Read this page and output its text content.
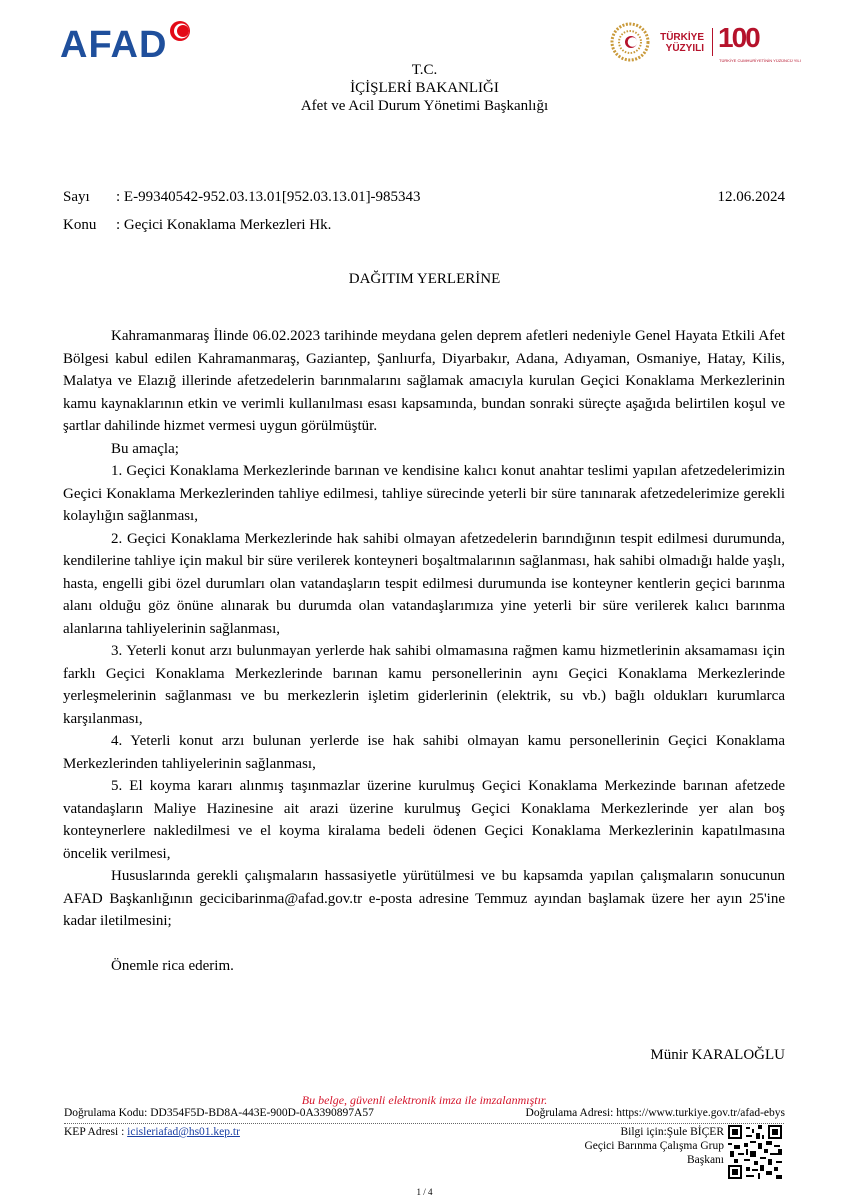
AFAD	TÜRKİYE
YÜZYILI 100
TÜRKİYE CUMHURİYETİNİN YÜZÜNCÜ YILI
T.C.
İÇİŞLERİ BAKANLIĞI
Afet ve Acil Durum Yönetimi Başkanlığı
Sayı : E-99340542-952.03.13.01[952.03.13.01]-985343	12.06.2024
Konu : Geçici Konaklama Merkezleri Hk.
DAĞITIM YERLERİNE

Kahramanmaraş İlinde 06.02.2023 tarihinde meydana gelen deprem afetleri nedeniyle Genel Hayata Etkili Afet Bölgesi kabul edilen Kahramanmaraş, Gaziantep, Şanlıurfa, Diyarbakır, Adana, Adıyaman, Osmaniye, Hatay, Kilis, Malatya ve Elazığ illerinde afetzedelerin barınmalarını sağlamak amacıyla kurulan Geçici Konaklama Merkezlerinin kamu kaynaklarının etkin ve verimli kullanılması esası kapsamında, bundan sonraki süreçte aşağıda belirtilen koşul ve şartlar dahilinde hizmet vermesi uygun görülmüştür.

Bu amaçla;

1. Geçici Konaklama Merkezlerinde barınan ve kendisine kalıcı konut anahtar teslimi yapılan afetzedelerimizin Geçici Konaklama Merkezlerinden tahliye edilmesi, tahliye sürecinde yeterli bir süre tanınarak afetzedelerimize gerekli kolaylığın sağlanması,

2. Geçici Konaklama Merkezlerinde hak sahibi olmayan afetzedelerin barındığının tespit edilmesi durumunda, kendilerine tahliye için makul bir süre verilerek konteyneri boşaltmalarının sağlanması, hak sahibi olmadığı halde yaşlı, hasta, engelli gibi özel durumları olan vatandaşların tespit edilmesi durumunda ise konteyner kentlerin geçici barınma alanı olduğu göz önüne alınarak bu durumda olan vatandaşlarımıza yine yeterli bir süre verilerek kalıcı barınma alanlarına tahliyelerinin sağlanması,

3. Yeterli konut arzı bulunmayan yerlerde hak sahibi olmamasına rağmen kamu hizmetlerinin aksamaması için farklı Geçici Konaklama Merkezlerinde barınan kamu personellerinin aynı Geçici Konaklama Merkezlerinde yerleşmelerinin sağlanması ve bu merkezlerin işletim giderlerinin (elektrik, su vb.) bağlı oldukları kurumlarca karşılanması,

4. Yeterli konut arzı bulunan yerlerde ise hak sahibi olmayan kamu personellerinin Geçici Konaklama Merkezlerinden tahliyelerinin sağlanması,

5. El koyma kararı alınmış taşınmazlar üzerine kurulmuş Geçici Konaklama Merkezinde barınan afetzede vatandaşların Maliye Hazinesine ait arazi üzerine kurulmuş Geçici Konaklama Merkezlerinde yer alan boş konteynerlere nakledilmesi ve el koyma kiralama bedeli ödenen Geçici Konaklama Merkezlerinin kapatılmasına öncelik verilmesi,

Hususlarında gerekli çalışmaların hassasiyetle yürütülmesi ve bu kapsamda yapılan çalışmaların sonucunun AFAD Başkanlığının gecicibarinma@afad.gov.tr e-posta adresine Temmuz ayından başlamak üzere her ayın 25'ine kadar iletilmesini;

Önemle rica ederim.

Münir KARALOĞLU
Bu belge, güvenli elektronik imza ile imzalanmıştır.
Doğrulama Kodu: DD354F5D-BD8A-443E-900D-0A3390897A57	Doğrulama Adresi: https://www.turkiye.gov.tr/afad-ebys
KEP Adresi : icisleriafad@hs01.kep.tr	Bilgi için:Şule BİÇER
Geçici Barınma Çalışma Grup
Başkanı
1 / 4
